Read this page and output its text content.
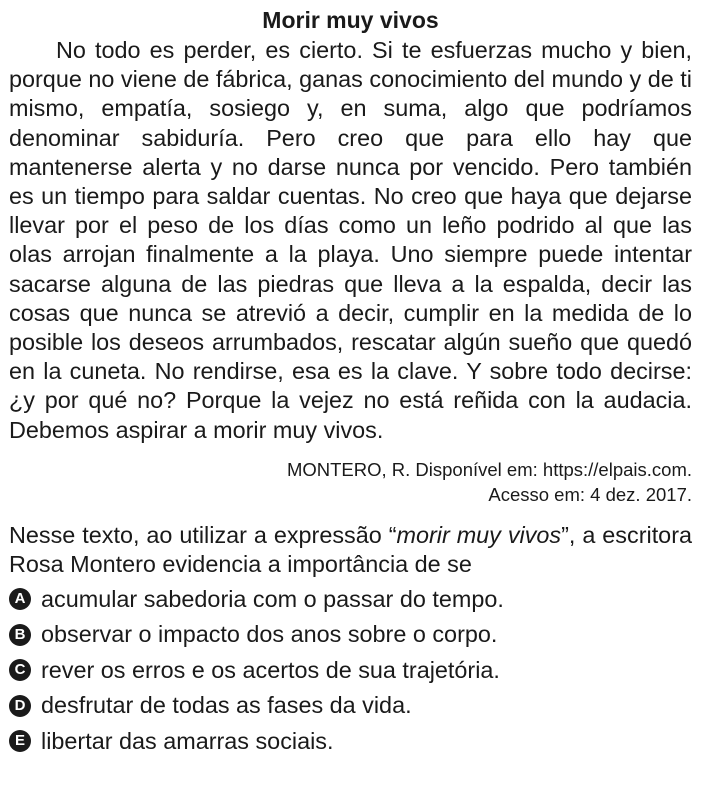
Morir muy vivos

No todo es perder, es cierto. Si te esfuerzas mucho y bien, porque no viene de fábrica, ganas conocimiento del mundo y de ti mismo, empatía, sosiego y, en suma, algo que podríamos denominar sabiduría. Pero creo que para ello hay que mantenerse alerta y no darse nunca por vencido. Pero también es un tiempo para saldar cuentas. No creo que haya que dejarse llevar por el peso de los días como un leño podrido al que las olas arrojan finalmente a la playa. Uno siempre puede intentar sacarse alguna de las piedras que lleva a la espalda, decir las cosas que nunca se atrevió a decir, cumplir en la medida de lo posible los deseos arrumbados, rescatar algún sueño que quedó en la cuneta. No rendirse, esa es la clave. Y sobre todo decirse: ¿y por qué no? Porque la vejez no está reñida con la audacia. Debemos aspirar a morir muy vivos.

MONTERO, R. Disponível em: https://elpais.com.
Acesso em: 4 dez. 2017.

Nesse texto, ao utilizar a expressão “morir muy vivos”, a escritora Rosa Montero evidencia a importância de se

A acumular sabedoria com o passar do tempo.
B observar o impacto dos anos sobre o corpo.
C rever os erros e os acertos de sua trajetória.
D desfrutar de todas as fases da vida.
E libertar das amarras sociais.
